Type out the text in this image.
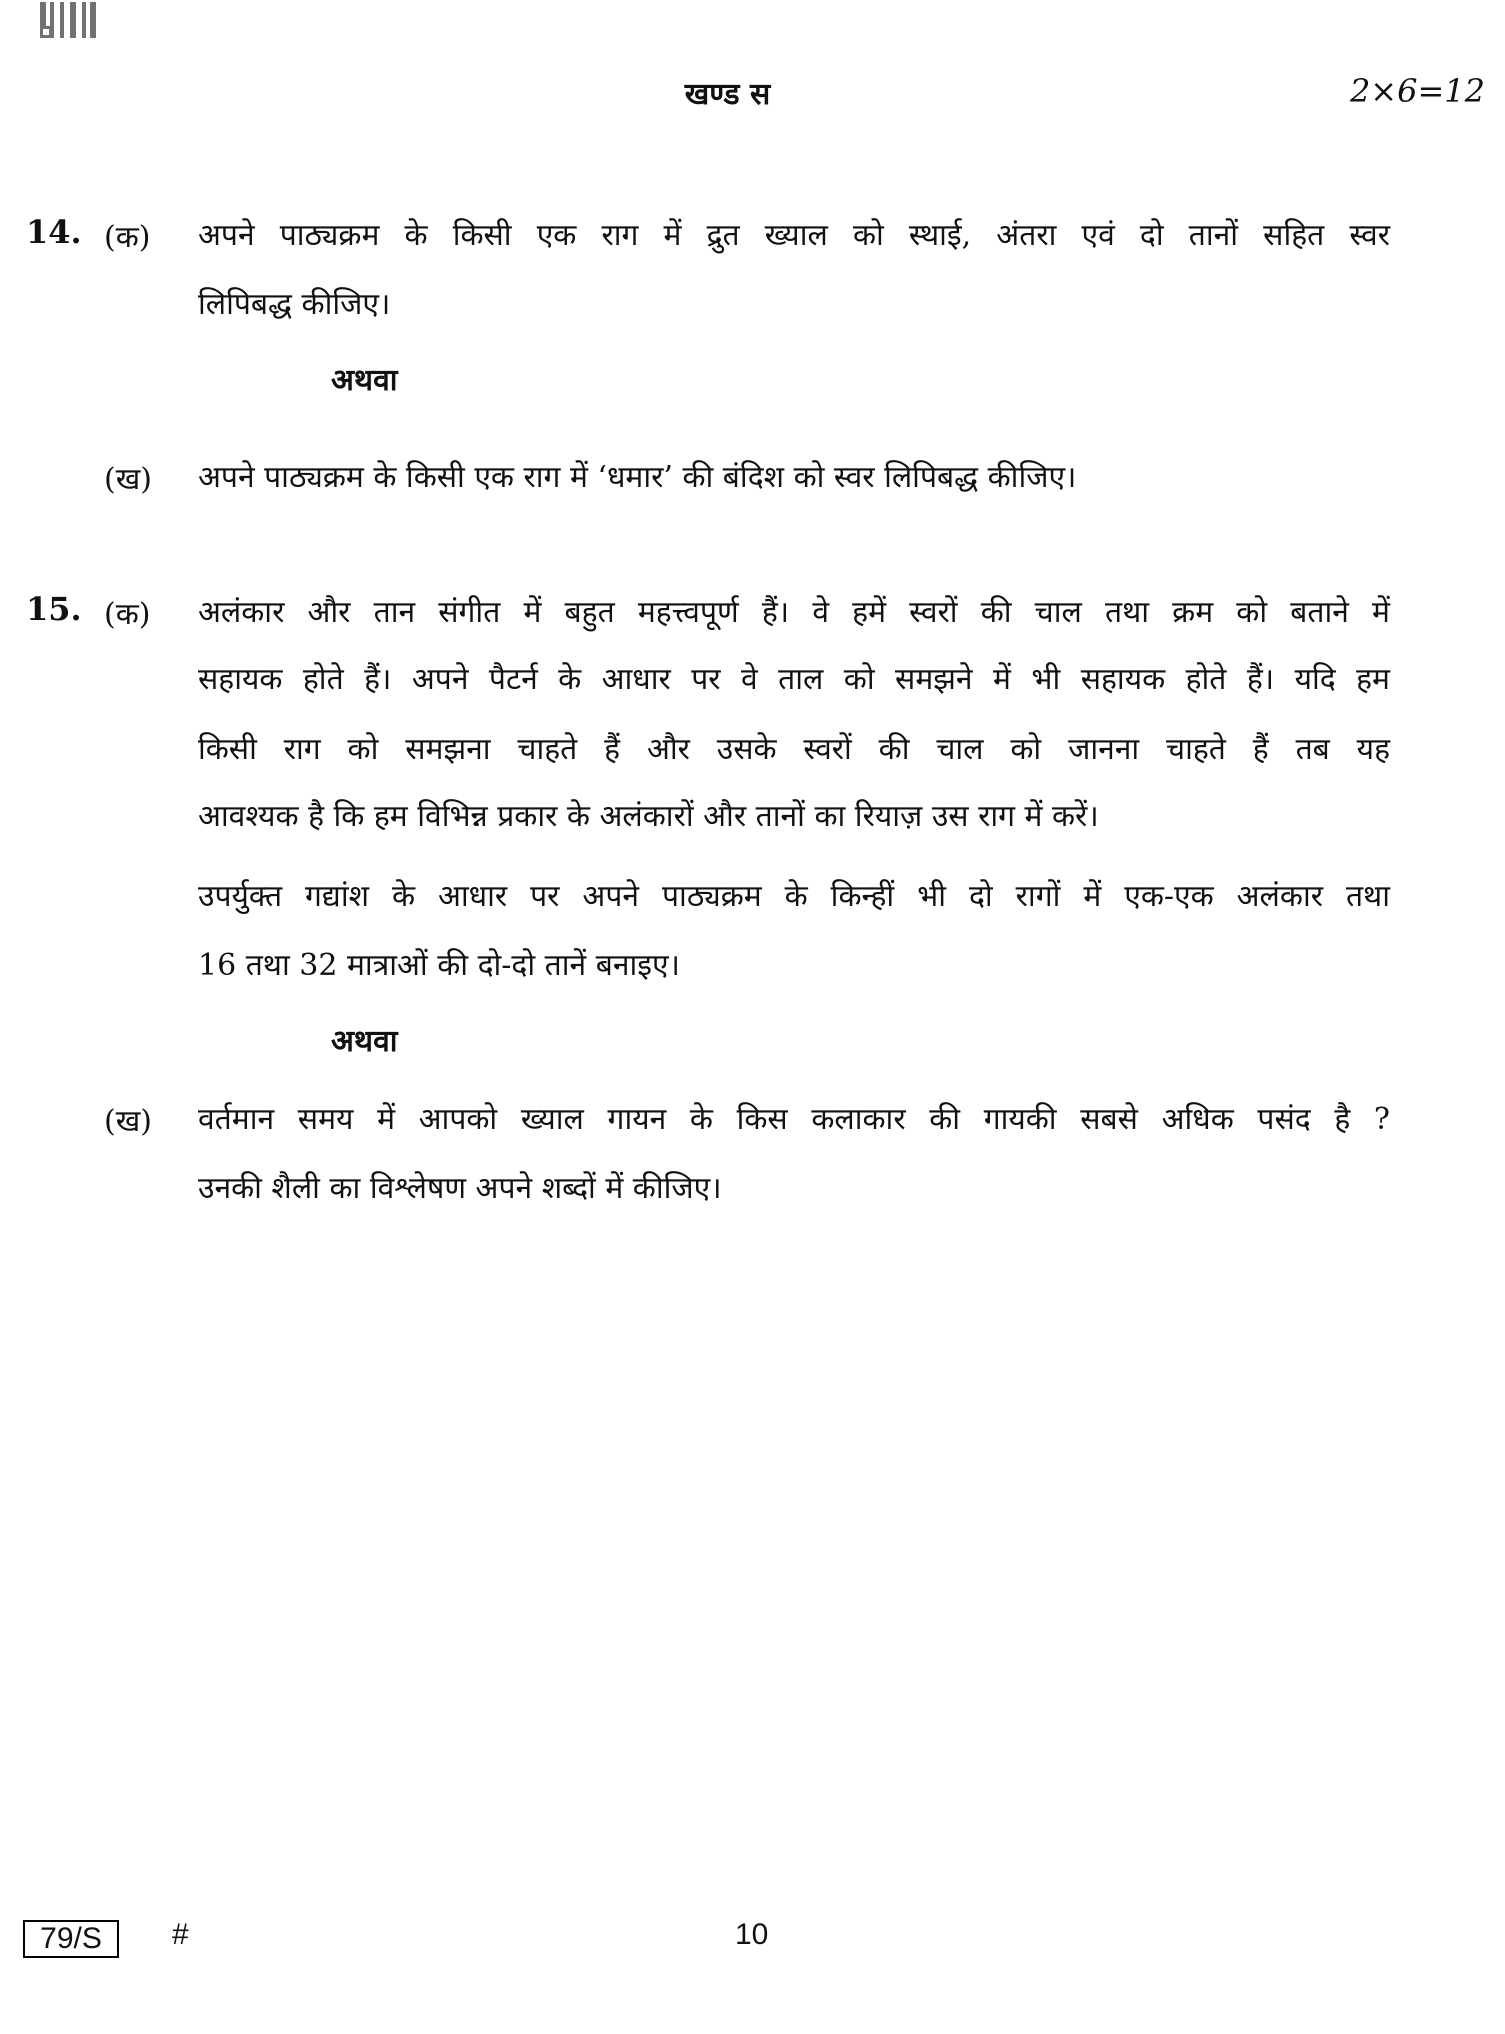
खण्ड स	2×6=12
14. (क) अपने पाठ्यक्रम के किसी एक राग में द्रुत ख्याल को स्थाई, अंतरा एवं दो तानों सहित स्वर
लिपिबद्ध कीजिए।
अथवा
(ख) अपने पाठ्यक्रम के किसी एक राग में ‘धमार’ की बंदिश को स्वर लिपिबद्ध कीजिए।
15. (क) अलंकार और तान संगीत में बहुत महत्त्वपूर्ण हैं। वे हमें स्वरों की चाल तथा क्रम को बताने में
सहायक होते हैं। अपने पैटर्न के आधार पर वे ताल को समझने में भी सहायक होते हैं। यदि हम
किसी राग को समझना चाहते हैं और उसके स्वरों की चाल को जानना चाहते हैं तब यह
आवश्यक है कि हम विभिन्न प्रकार के अलंकारों और तानों का रियाज़ उस राग में करें।
उपर्युक्त गद्यांश के आधार पर अपने पाठ्यक्रम के किन्हीं भी दो रागों में एक-एक अलंकार तथा
16 तथा 32 मात्राओं की दो-दो तानें बनाइए।
अथवा
(ख) वर्तमान समय में आपको ख्याल गायन के किस कलाकार की गायकी सबसे अधिक पसंद है ?
उनकी शैली का विश्लेषण अपने शब्दों में कीजिए।
79/S	#	10
